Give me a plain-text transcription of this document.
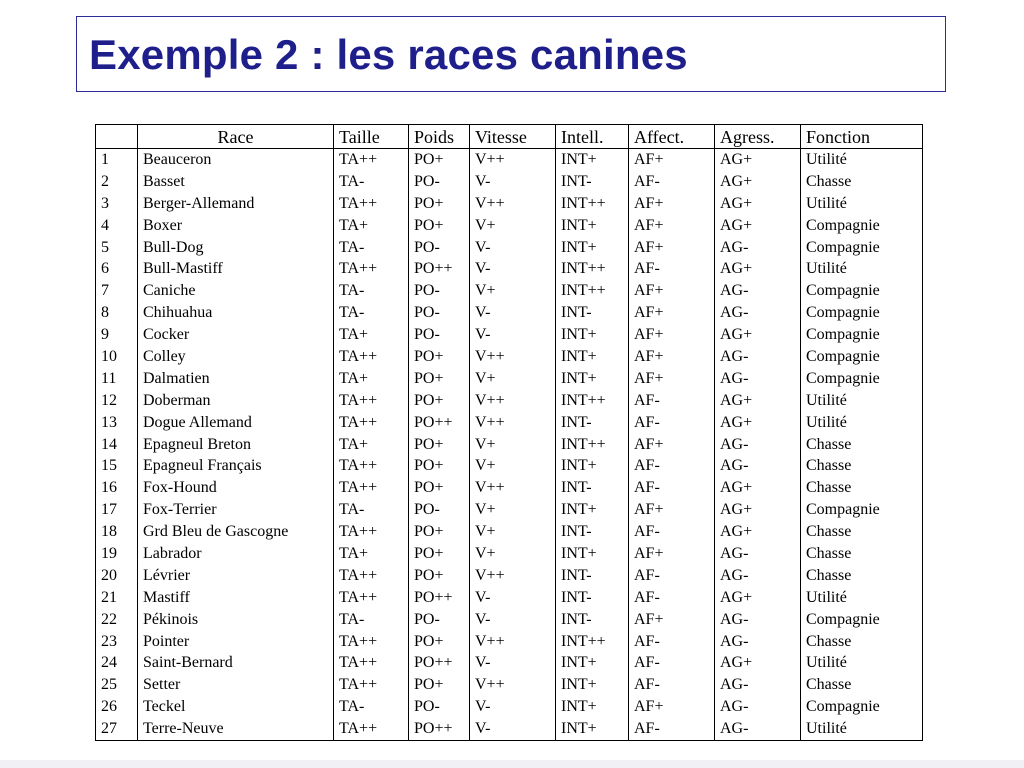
Exemple 2 : les races canines
	Race	Taille	Poids	Vitesse	Intell.	Affect.	Agress.	Fonction
1	Beauceron	TA++	PO+	V++	INT+	AF+	AG+	Utilité
2	Basset	TA-	PO-	V-	INT-	AF-	AG+	Chasse
3	Berger-Allemand	TA++	PO+	V++	INT++	AF+	AG+	Utilité
4	Boxer	TA+	PO+	V+	INT+	AF+	AG+	Compagnie
5	Bull-Dog	TA-	PO-	V-	INT+	AF+	AG-	Compagnie
6	Bull-Mastiff	TA++	PO++	V-	INT++	AF-	AG+	Utilité
7	Caniche	TA-	PO-	V+	INT++	AF+	AG-	Compagnie
8	Chihuahua	TA-	PO-	V-	INT-	AF+	AG-	Compagnie
9	Cocker	TA+	PO-	V-	INT+	AF+	AG+	Compagnie
10	Colley	TA++	PO+	V++	INT+	AF+	AG-	Compagnie
11	Dalmatien	TA+	PO+	V+	INT+	AF+	AG-	Compagnie
12	Doberman	TA++	PO+	V++	INT++	AF-	AG+	Utilité
13	Dogue Allemand	TA++	PO++	V++	INT-	AF-	AG+	Utilité
14	Epagneul Breton	TA+	PO+	V+	INT++	AF+	AG-	Chasse
15	Epagneul Français	TA++	PO+	V+	INT+	AF-	AG-	Chasse
16	Fox-Hound	TA++	PO+	V++	INT-	AF-	AG+	Chasse
17	Fox-Terrier	TA-	PO-	V+	INT+	AF+	AG+	Compagnie
18	Grd Bleu de Gascogne	TA++	PO+	V+	INT-	AF-	AG+	Chasse
19	Labrador	TA+	PO+	V+	INT+	AF+	AG-	Chasse
20	Lévrier	TA++	PO+	V++	INT-	AF-	AG-	Chasse
21	Mastiff	TA++	PO++	V-	INT-	AF-	AG+	Utilité
22	Pékinois	TA-	PO-	V-	INT-	AF+	AG-	Compagnie
23	Pointer	TA++	PO+	V++	INT++	AF-	AG-	Chasse
24	Saint-Bernard	TA++	PO++	V-	INT+	AF-	AG+	Utilité
25	Setter	TA++	PO+	V++	INT+	AF-	AG-	Chasse
26	Teckel	TA-	PO-	V-	INT+	AF+	AG-	Compagnie
27	Terre-Neuve	TA++	PO++	V-	INT+	AF-	AG-	Utilité
